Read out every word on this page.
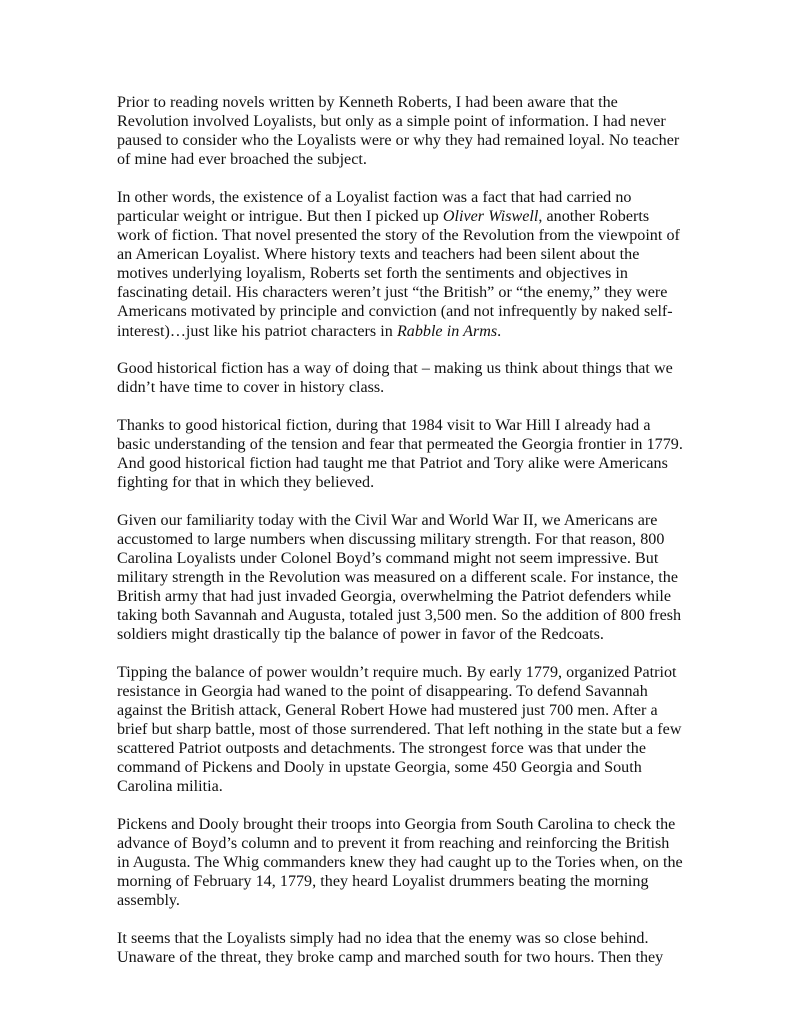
Prior to reading novels written by Kenneth Roberts, I had been aware that the Revolution involved Loyalists, but only as a simple point of information. I had never paused to consider who the Loyalists were or why they had remained loyal. No teacher of mine had ever broached the subject.

In other words, the existence of a Loyalist faction was a fact that had carried no particular weight or intrigue. But then I picked up Oliver Wiswell, another Roberts work of fiction. That novel presented the story of the Revolution from the viewpoint of an American Loyalist. Where history texts and teachers had been silent about the motives underlying loyalism, Roberts set forth the sentiments and objectives in fascinating detail. His characters weren’t just “the British” or “the enemy,” they were Americans motivated by principle and conviction (and not infrequently by naked self-interest)…just like his patriot characters in Rabble in Arms.

Good historical fiction has a way of doing that – making us think about things that we didn’t have time to cover in history class.

Thanks to good historical fiction, during that 1984 visit to War Hill I already had a basic understanding of the tension and fear that permeated the Georgia frontier in 1779. And good historical fiction had taught me that Patriot and Tory alike were Americans fighting for that in which they believed.

Given our familiarity today with the Civil War and World War II, we Americans are accustomed to large numbers when discussing military strength. For that reason, 800 Carolina Loyalists under Colonel Boyd’s command might not seem impressive. But military strength in the Revolution was measured on a different scale. For instance, the British army that had just invaded Georgia, overwhelming the Patriot defenders while taking both Savannah and Augusta, totaled just 3,500 men. So the addition of 800 fresh soldiers might drastically tip the balance of power in favor of the Redcoats.

Tipping the balance of power wouldn’t require much. By early 1779, organized Patriot resistance in Georgia had waned to the point of disappearing. To defend Savannah against the British attack, General Robert Howe had mustered just 700 men. After a brief but sharp battle, most of those surrendered. That left nothing in the state but a few scattered Patriot outposts and detachments. The strongest force was that under the command of Pickens and Dooly in upstate Georgia, some 450 Georgia and South Carolina militia.

Pickens and Dooly brought their troops into Georgia from South Carolina to check the advance of Boyd’s column and to prevent it from reaching and reinforcing the British in Augusta. The Whig commanders knew they had caught up to the Tories when, on the morning of February 14, 1779, they heard Loyalist drummers beating the morning assembly.

It seems that the Loyalists simply had no idea that the enemy was so close behind. Unaware of the threat, they broke camp and marched south for two hours. Then they
